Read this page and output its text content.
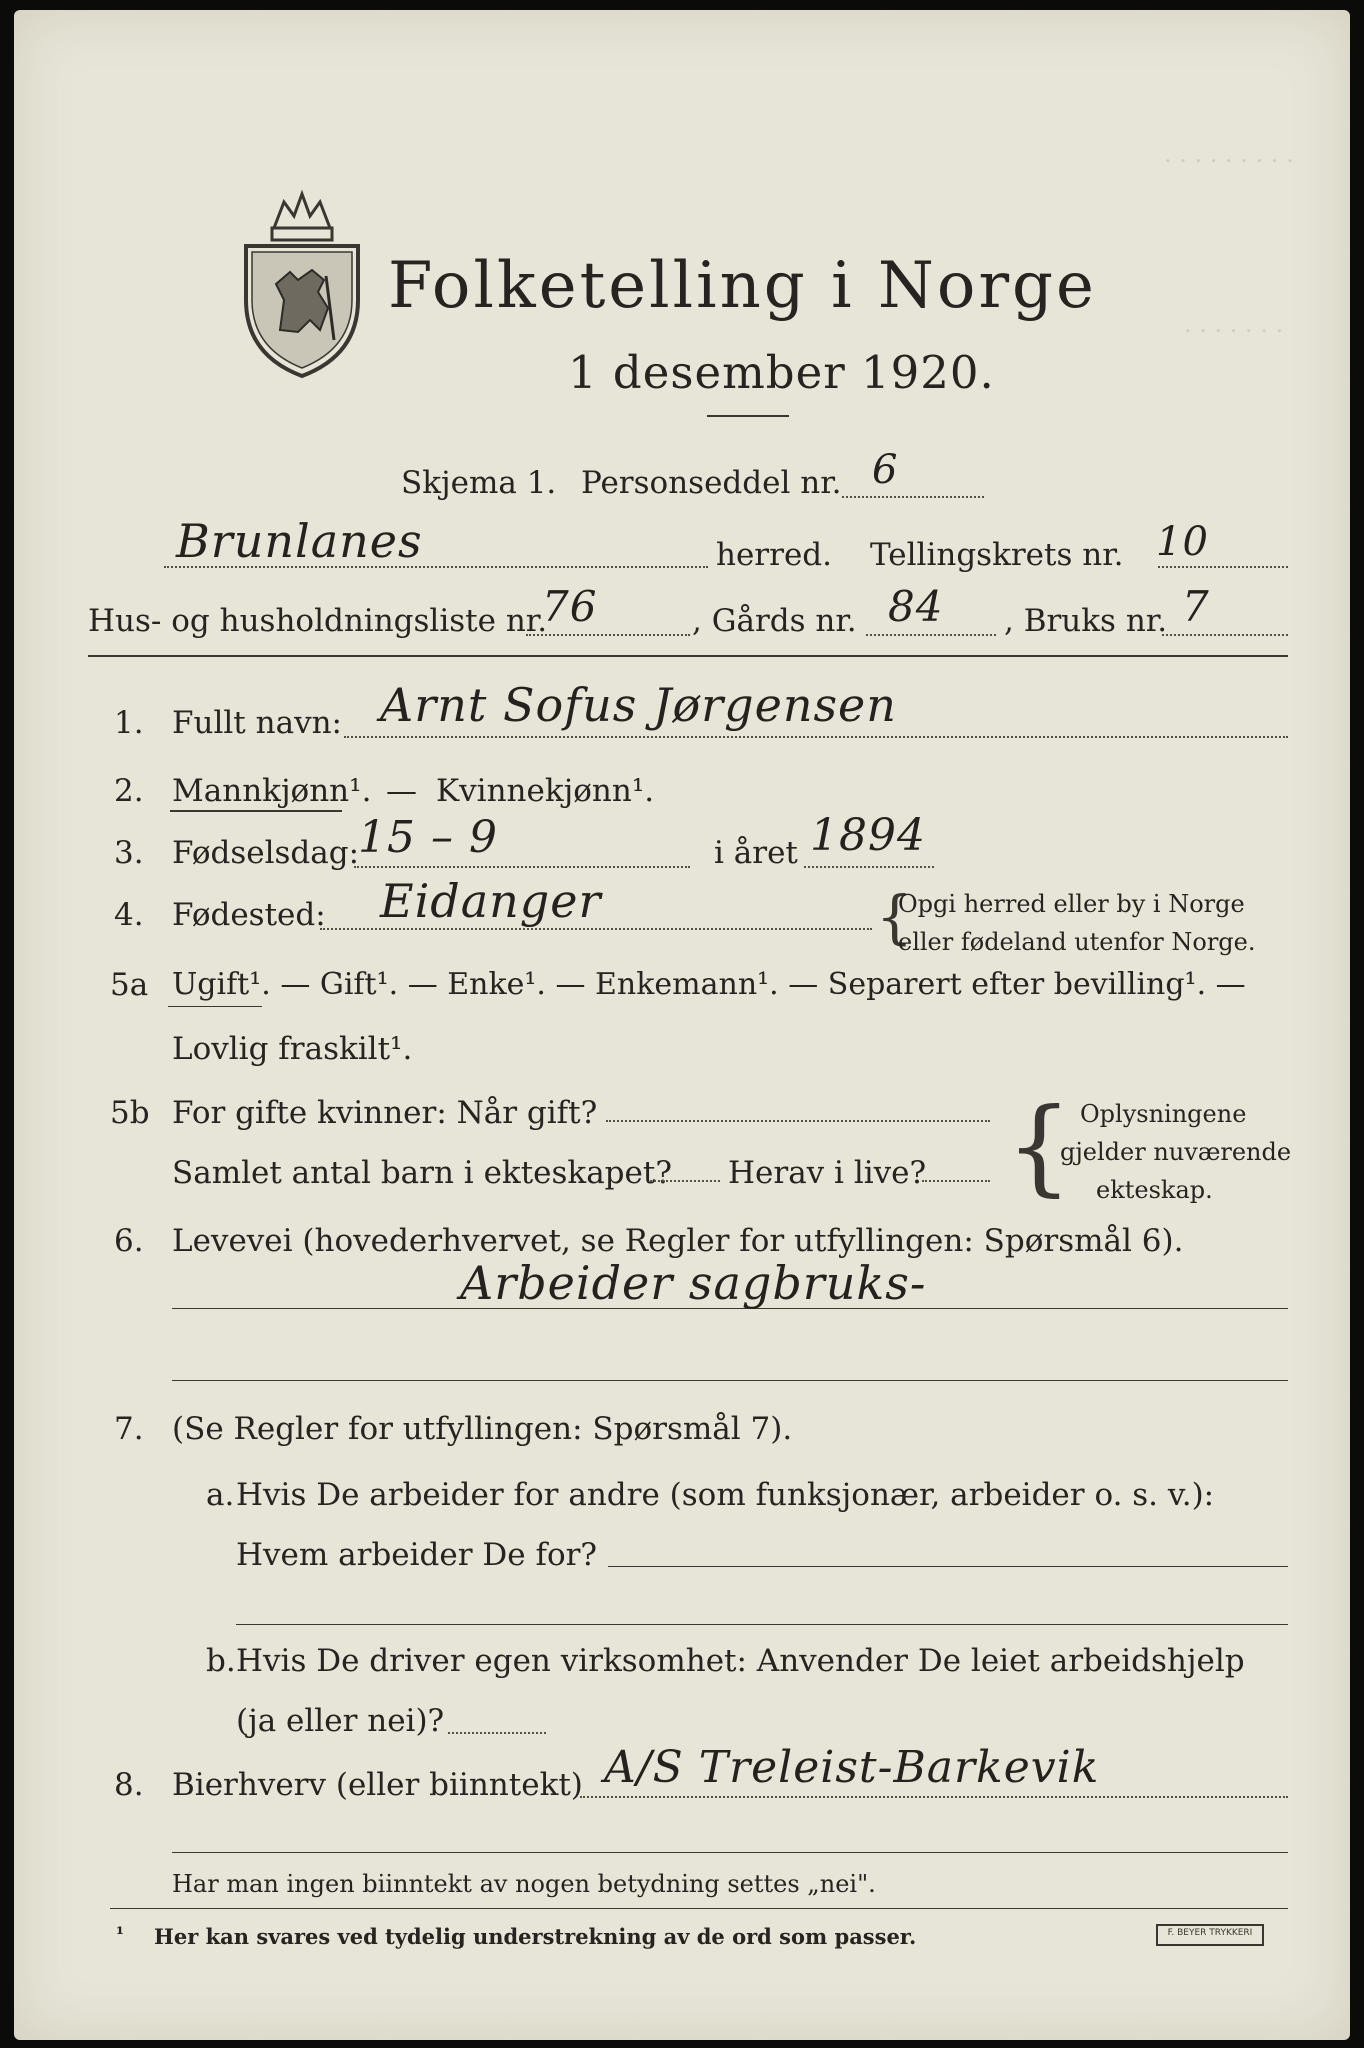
. . . . . . . . .
. . . . . . .
Folketelling i Norge
1 desember 1920.
Skjema 1. Personseddel nr. 6
Brunlanes	herred. Tellingskrets nr. 10
Hus- og husholdningsliste nr.
76	, Gårds nr. 84 , Bruks nr. 7
1. Fullt navn: Arnt Sofus Jørgensen
2. Mannkjønn¹. — Kvinnekjønn¹.
3. Fødselsdag:
15 – 9	i året 1894
4. Fødested: Eidanger	{
Opgi herred eller by i Norge
eller fødeland utenfor Norge.
5a Ugift¹. — Gift¹. — Enke¹. — Enkemann¹. — Separert efter bevilling¹. —
Lovlig fraskilt¹.
5b For gifte kvinner: Når gift?
Samlet antal barn i ekteskapet? Herav i live? { Oplysningene
gjelder nuværende
ekteskap.
6. Levevei (hovederhvervet, se Regler for utfyllingen: Spørsmål 6).
Arbeider sagbruks-
7. (Se Regler for utfyllingen: Spørsmål 7).
a. Hvis De arbeider for andre (som funksjonær, arbeider o. s. v.):
Hvem arbeider De for?
b. Hvis De driver egen virksomhet: Anvender De leiet arbeidshjelp
(ja eller nei)?
8. Bierhverv (eller biinntekt) A/S Treleist-Barkevik
Har man ingen biinntekt av nogen betydning settes „nei".
¹ Her kan svares ved tydelig understrekning av de ord som passer.	F. BEYER TRYKKERI
